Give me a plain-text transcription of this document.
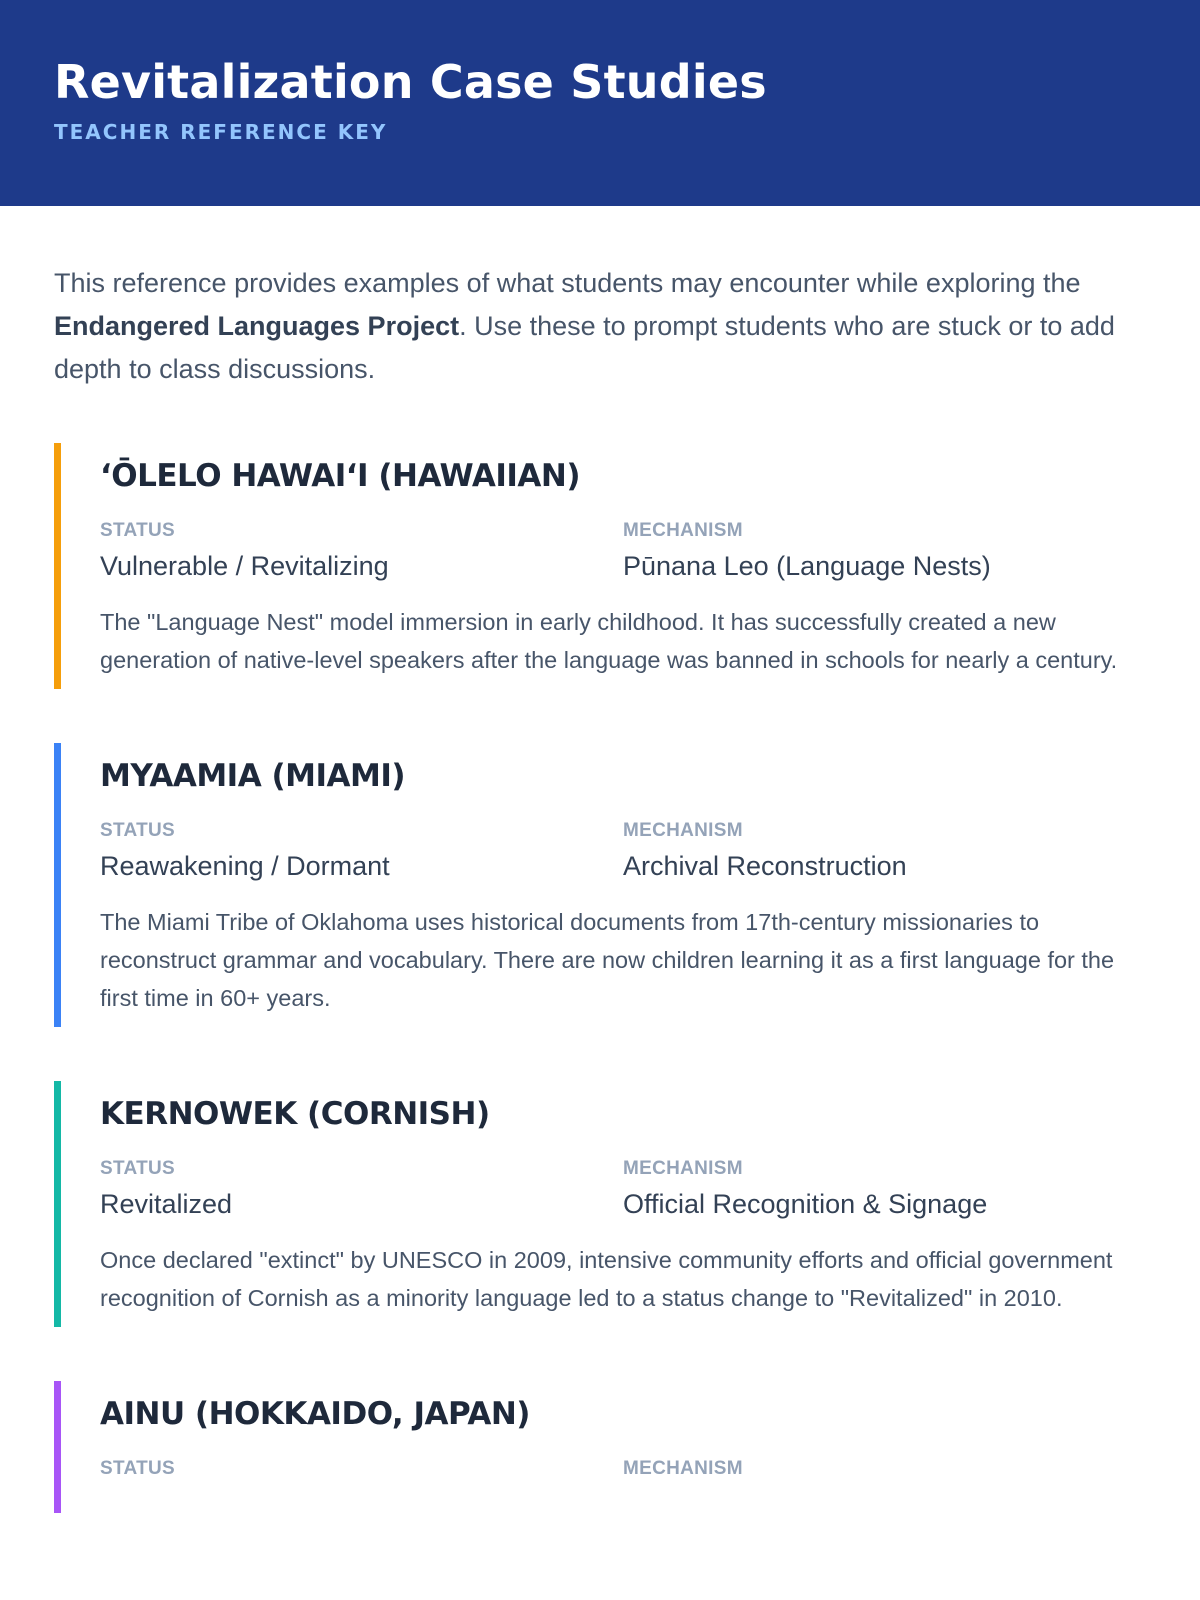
Revitalization Case Studies
TEACHER REFERENCE KEY

This reference provides examples of what students may encounter while exploring the Endangered Languages Project. Use these to prompt students who are stuck or to add depth to class discussions.

ʻŌLELO HAWAIʻI (HAWAIIAN)
STATUS
Vulnerable / Revitalizing
MECHANISM
Pūnana Leo (Language Nests)
The "Language Nest" model immersion in early childhood. It has successfully created a new generation of native-level speakers after the language was banned in schools for nearly a century.
MYAAMIA (MIAMI)
STATUS
Reawakening / Dormant
MECHANISM
Archival Reconstruction
The Miami Tribe of Oklahoma uses historical documents from 17th-century missionaries to reconstruct grammar and vocabulary. There are now children learning it as a first language for the first time in 60+ years.
KERNOWEK (CORNISH)
STATUS
Revitalized
MECHANISM
Official Recognition & Signage
Once declared "extinct" by UNESCO in 2009, intensive community efforts and official government recognition of Cornish as a minority language led to a status change to "Revitalized" in 2010.
AINU (HOKKAIDO, JAPAN)
STATUS	MECHANISM
